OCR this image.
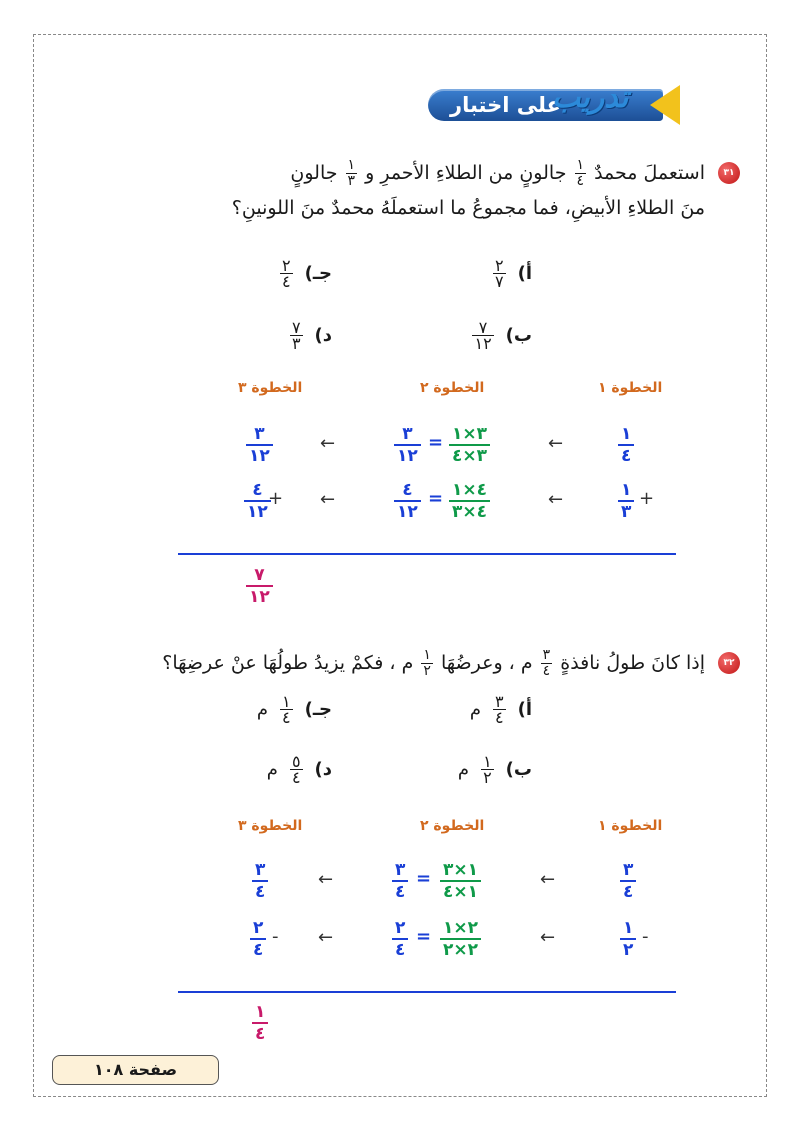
على اختبار
تدريب
٣١
استعملَ محمدٌ
$\frac{١}{٤}$
جالونٍ من الطلاءِ الأحمرِ و
$\frac{١}{٣}$
جالونٍ
منَ الطلاءِ الأبيضِ، فما مجموعُ ما استعملَهُ محمدٌ منَ اللونينِ؟
أ)
$\frac{٢}{٧}$
جـ)
$\frac{٢}{٤}$
ب)
$\frac{٧}{١٢}$
د)
$\frac{٧}{٣}$
الخطوة ١
الخطوة ٢
الخطوة ٣
١
٤
←
٣×١
٣×٤
=
٣
١٢
←
٣
١٢
+
١
٣
←
٤×١
٤×٣
=
٤
١٢
←
+
٤
١٢
٧
١٢
٣٢
إذا كانَ طولُ نافذةٍ
$\frac{٣}{٤}$
م ، وعرضُهَا
$\frac{١}{٢}$
م ، فكمْ يزيدُ طولُهَا عنْ عرضِهَا؟
أ)
$\frac{٣}{٤}$
م
جـ)
$\frac{١}{٤}$
م
ب)
$\frac{١}{٢}$
م
د)
$\frac{٥}{٤}$
م
الخطوة ١
الخطوة ٢
الخطوة ٣
٣
٤
←
١×٣
١×٤
=
٣
٤
←
٣
٤
-
١
٢
←
٢×١
٢×٢
=
٢
٤
←
-
٢
٤
١
٤
صفحة ١٠٨
